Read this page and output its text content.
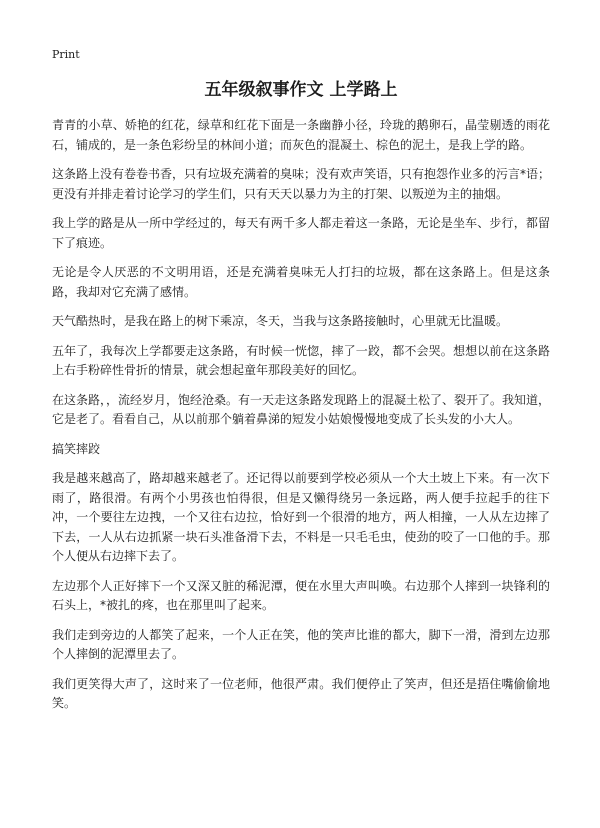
Print
五年级叙事作文 上学路上

青青的小草、娇艳的红花，绿草和红花下面是一条幽静小径，玲珑的鹅卵石，晶莹剔透的雨花石，铺成的，是一条色彩纷呈的林间小道；而灰色的混凝土、棕色的泥土，是我上学的路。

这条路上没有卷卷书香，只有垃圾充满着的臭味；没有欢声笑语，只有抱怨作业多的污言*语；更没有并排走着讨论学习的学生们，只有天天以暴力为主的打架、以叛逆为主的抽烟。

我上学的路是从一所中学经过的，每天有两千多人都走着这一条路，无论是坐车、步行，都留下了痕迹。

无论是令人厌恶的不文明用语，还是充满着臭味无人打扫的垃圾，都在这条路上。但是这条路，我却对它充满了感情。

天气酷热时，是我在路上的树下乘凉，冬天，当我与这条路接触时，心里就无比温暖。

五年了，我每次上学都要走这条路，有时候一恍惚，摔了一跤，都不会哭。想想以前在这条路上右手粉碎性骨折的情景，就会想起童年那段美好的回忆。

在这条路，，流经岁月，饱经沧桑。有一天走这条路发现路上的混凝土松了、裂开了。我知道，它是老了。看看自己，从以前那个躺着鼻涕的短发小姑娘慢慢地变成了长头发的小大人。

搞笑摔跤

我是越来越高了，路却越来越老了。还记得以前要到学校必须从一个大土坡上下来。有一次下雨了，路很滑。有两个小男孩也怕得很，但是又懒得绕另一条远路，两人便手拉起手的往下冲，一个要往左边拽，一个又往右边拉，恰好到一个很滑的地方，两人相撞，一人从左边摔了下去，一人从右边抓紧一块石头准备滑下去，不料是一只毛毛虫，使劲的咬了一口他的手。那个人便从右边摔下去了。

左边那个人正好摔下一个又深又脏的稀泥潭，便在水里大声叫唤。右边那个人摔到一块锋利的石头上，*被扎的疼，也在那里叫了起来。

我们走到旁边的人都笑了起来，一个人正在笑，他的笑声比谁的都大，脚下一滑，滑到左边那个人摔倒的泥潭里去了。

我们更笑得大声了，这时来了一位老师，他很严肃。我们便停止了笑声，但还是捂住嘴偷偷地笑。
